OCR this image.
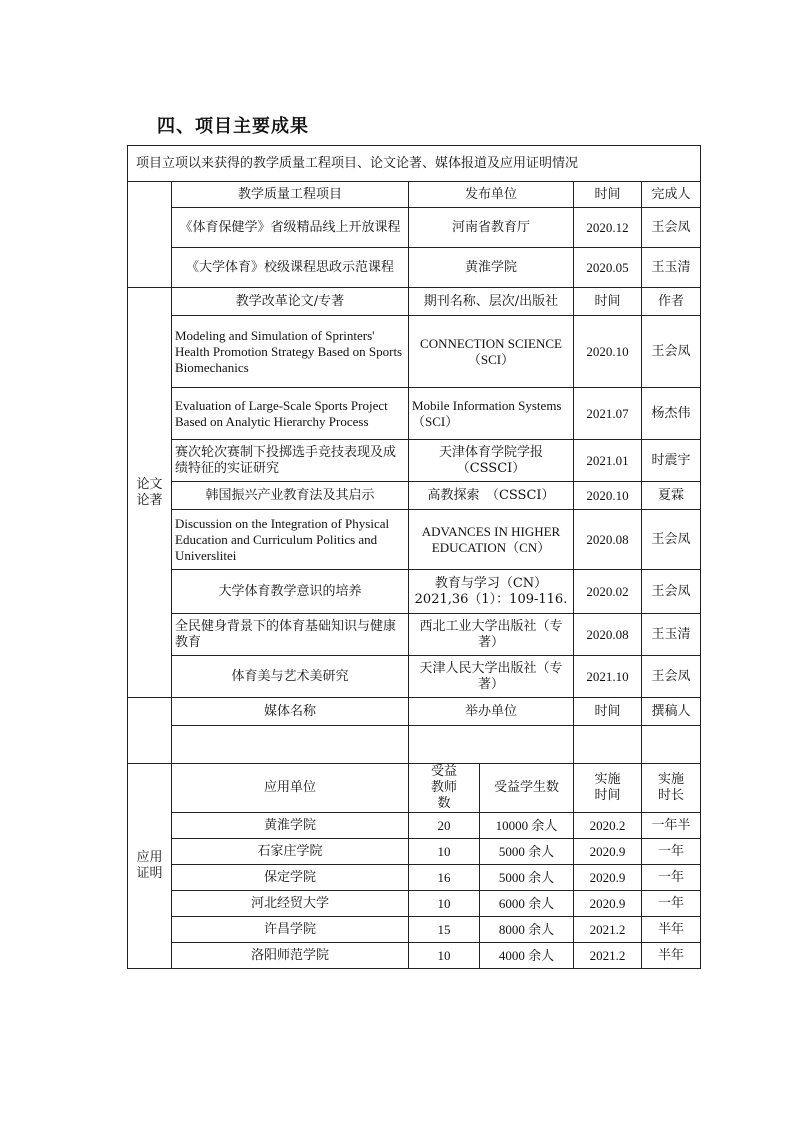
四、项目主要成果
项目立项以来获得的教学质量工程项目、论文论著、媒体报道及应用证明情况					
	教学质量工程项目	发布单位		时间	完成人
	《体育保健学》省级精品线上开放课程	河南省教育厅		2020.12	王会凤
	《大学体育》校级课程思政示范课程	黄淮学院		2020.05	王玉清

论文论著	教学改革论文/专著	期刊名称、层次/出版社		时间	作者
	Modeling and Simulation of Sprinters' Health Promotion Strategy Based on Sports Biomechanics	CONNECTION SCIENCE（SCI）		2020.10	王会凤
	Evaluation of Large-Scale Sports Project Based on Analytic Hierarchy Process	Mobile Information Systems（SCI）		2021.07	杨杰伟
	赛次轮次赛制下投掷选手竞技表现及成绩特征的实证研究	天津体育学院学报（CSSCI）		2021.01	时震宇
	韩国振兴产业教育法及其启示	高教探索　（CSSCI）		2020.10	夏霖
	Discussion on the Integration of Physical Education and Curriculum Politics and Universlitei	ADVANCES IN HIGHER EDUCATION（CN）		2020.08	王会凤
	大学体育教学意识的培养	教育与学习（CN）2021,36（1）：109-116.		2020.02	王会凤
	全民健身背景下的体育基础知识与健康教育	西北工业大学出版社（专著）		2020.08	王玉清
	体育美与艺术美研究	天津人民大学出版社（专著）		2021.10	王会凤
	媒体名称	举办单位		时间	撰稿人

应用证明	应用单位	受益教师数	受益学生数	实施时间	实施时长

	黄淮学院	20	10000 余人	2020.2	一年半
	石家庄学院	10	5000 余人	2020.9	一年
	保定学院	16	5000 余人	2020.9	一年
	河北经贸大学	10	6000 余人	2020.9	一年
	许昌学院	15	8000 余人	2021.2	半年
	洛阳师范学院	10	4000 余人	2021.2	半年
